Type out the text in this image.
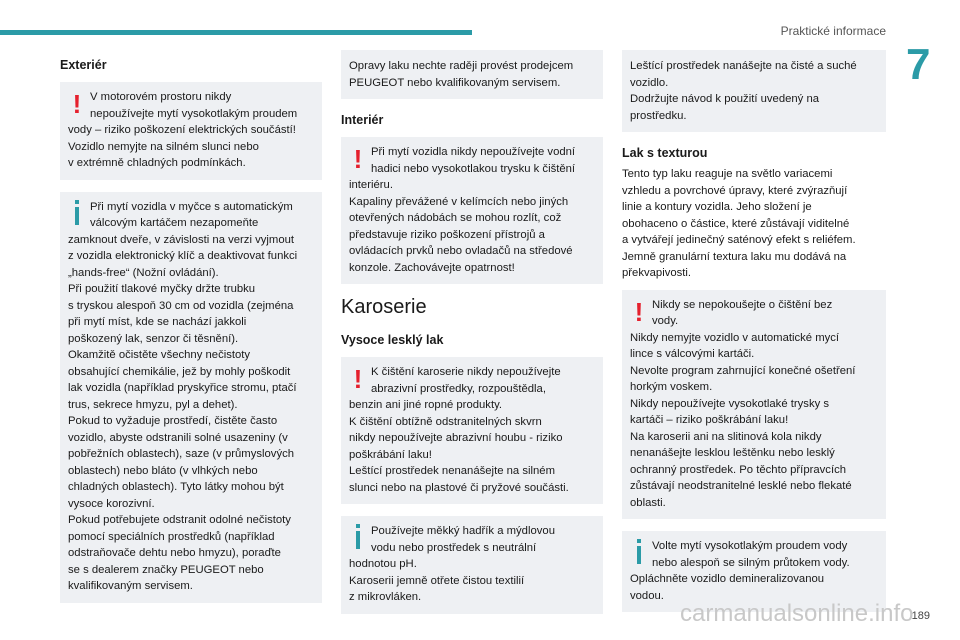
Praktické informace
7
Exteriér
! V motorovém prostoru nikdy
nepoužívejte mytí vysokotlakým proudem
vody – riziko poškození elektrických součástí!
Vozidlo nemyjte na silném slunci nebo
v extrémně chladných podmínkách.
Při mytí vozidla v myčce s automatickým
válcovým kartáčem nezapomeňte
zamknout dveře, v závislosti na verzi vyjmout
z vozidla elektronický klíč a deaktivovat funkci
„hands-free“ (Nožní ovládání).
Při použití tlakové myčky držte trubku
s tryskou alespoň 30 cm od vozidla (zejména
při mytí míst, kde se nachází jakkoli
poškozený lak, senzor či těsnění).
Okamžitě očistěte všechny nečistoty
obsahující chemikálie, jež by mohly poškodit
lak vozidla (například pryskyřice stromu, ptačí
trus, sekrece hmyzu, pyl a dehet).
Pokud to vyžaduje prostředí, čistěte často
vozidlo, abyste odstranili solné usazeniny (v
pobřežních oblastech), saze (v průmyslových
oblastech) nebo bláto (v vlhkých nebo
chladných oblastech). Tyto látky mohou být
vysoce korozivní.
Pokud potřebujete odstranit odolné nečistoty
pomocí speciálních prostředků (například
odstraňovače dehtu nebo hmyzu), poraďte
se s dealerem značky PEUGEOT nebo
kvalifikovaným servisem.
Opravy laku nechte raději provést prodejcem
PEUGEOT nebo kvalifikovaným servisem.
Interiér
! Při mytí vozidla nikdy nepoužívejte vodní
hadici nebo vysokotlakou trysku k čištění
interiéru.
Kapaliny převážené v kelímcích nebo jiných
otevřených nádobách se mohou rozlít, což
představuje riziko poškození přístrojů a
ovládacích prvků nebo ovladačů na středové
konzole. Zachovávejte opatrnost!
Karoserie
Vysoce lesklý lak
! K čištění karoserie nikdy nepoužívejte
abrazivní prostředky, rozpouštědla,
benzin ani jiné ropné produkty.
K čištění obtížně odstranitelných skvrn
nikdy nepoužívejte abrazivní houbu - riziko
poškrábání laku!
Leštící prostředek nenanášejte na silném
slunci nebo na plastové či pryžové součásti.
Používejte měkký hadřík a mýdlovou
vodu nebo prostředek s neutrální
hodnotou pH.
Karoserii jemně otřete čistou textilií
z mikrovláken.
Leštící prostředek nanášejte na čisté a suché
vozidlo.
Dodržujte návod k použití uvedený na
prostředku.
Lak s texturou
Tento typ laku reaguje na světlo variacemi
vzhledu a povrchové úpravy, které zvýrazňují
linie a kontury vozidla. Jeho složení je
obohaceno o částice, které zůstávají viditelné
a vytvářejí jedinečný saténový efekt s reliéfem.
Jemně granulární textura laku mu dodává na
překvapivosti.
! Nikdy se nepokoušejte o čištění bez
vody.
Nikdy nemyjte vozidlo v automatické mycí
lince s válcovými kartáči.
Nevolte program zahrnující konečné ošetření
horkým voskem.
Nikdy nepoužívejte vysokotlaké trysky s
kartáči – riziko poškrábání laku!
Na karoserii ani na slitinová kola nikdy
nenanášejte lesklou leštěnku nebo lesklý
ochranný prostředek. Po těchto přípravcích
zůstávají neodstranitelné lesklé nebo flekaté
oblasti.
Volte mytí vysokotlakým proudem vody
nebo alespoň se silným průtokem vody.
Opláchněte vozidlo demineralizovanou
vodou.
carmanualsonline.info
189
